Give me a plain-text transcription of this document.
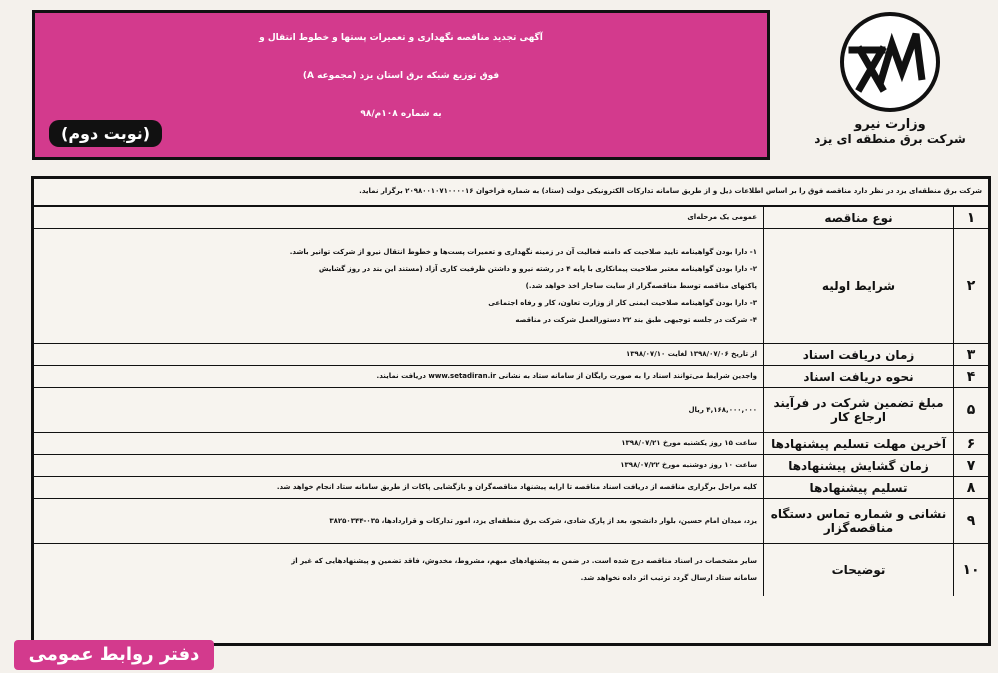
آگهی تجدید مناقصه نگهداری و تعمیرات پستها و خطوط انتقال و
فوق توزیع شبکه برق استان یزد (مجموعه A)
به شماره ۱۰۸م/۹۸
(نوبت دوم)	وزارت نیرو
شرکت برق منطقه ای یزد
شرکت برق منطقه‌ای یزد در نظر دارد مناقصه فوق را بر اساس اطلاعات ذیل و از طریق سامانه تدارکات الکترونیکی دولت (ستاد) به شماره فراخوان ۲۰۹۸۰۰۱۰۷۱۰۰۰۰۱۶ برگزار نماید.
۱
نوع مناقصه
عمومی یک مرحله‌ای
۲
شرایط اولیه
۱- دارا بودن گواهینامه تایید صلاحیت که دامنه فعالیت آن در زمینه نگهداری و تعمیرات پست‌ها و خطوط انتقال نیرو از شرکت توانیر باشد.
۲- دارا بودن گواهینامه معتبر صلاحیت پیمانکاری با پایه ۴ در رشته نیرو و داشتن ظرفیت کاری آزاد (مستند این بند در روز گشایش
پاکتهای مناقصه توسط مناقصه‌گزار از سایت ساجار اخذ خواهد شد.)
۳- دارا بودن گواهینامه صلاحیت ایمنی کار از وزارت تعاون، کار و رفاه اجتماعی
۴- شرکت در جلسه توجیهی طبق بند ۲۲ دستورالعمل شرکت در مناقصه
۳
زمان دریافت اسناد
از تاریخ ۱۳۹۸/۰۷/۰۶ لغایت ۱۳۹۸/۰۷/۱۰
۴
نحوه دریافت اسناد
واجدین شرایط می‌توانند اسناد را به صورت رایگان از سامانه ستاد به نشانی www.setadiran.ir دریافت نمایند.
۵
مبلغ تضمین شرکت در فرآیند ارجاع کار
۴,۱۶۸,۰۰۰,۰۰۰ ریال
۶
آخرین مهلت تسلیم پیشنهادها
ساعت ۱۵ روز یکشنبه مورخ ۱۳۹۸/۰۷/۲۱
۷
زمان گشایش پیشنهادها
ساعت ۱۰ روز دوشنبه مورخ ۱۳۹۸/۰۷/۲۲
۸
تسلیم پیشنهادها
کلیه مراحل برگزاری مناقصه از دریافت اسناد مناقصه تا ارایه پیشنهاد مناقصه‌گران و بازگشایی پاکات از طریق سامانه ستاد انجام خواهد شد.
۹
نشانی و شماره تماس دستگاه مناقصه‌گزار
یزد، میدان امام حسین، بلوار دانشجو، بعد از پارک شادی، شرکت برق منطقه‌ای یزد، امور تدارکات و قراردادها، ۰۳۵-۳۸۲۵۰۳۴۴
۱۰
توضیحات
سایر مشخصات در اسناد مناقصه درج شده است. در ضمن به پیشنهادهای مبهم، مشروط، مخدوش، فاقد تضمین و پیشنهادهایی که غیر از
سامانه ستاد ارسال گردد ترتیب اثر داده نخواهد شد.
دفتر روابط عمومی
